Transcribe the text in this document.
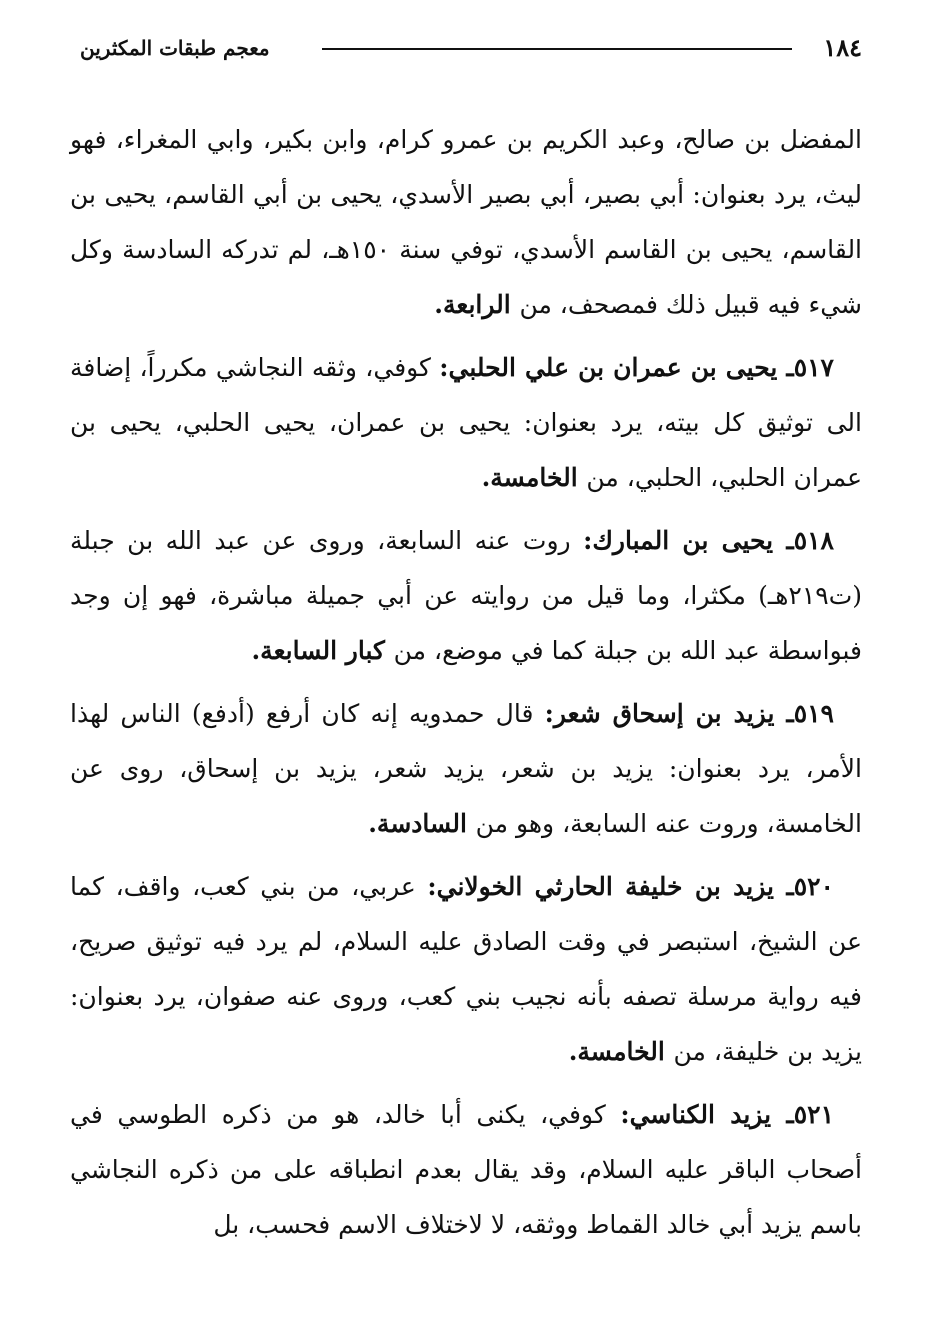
١٨٤
معجم طبقات المكثرين

المفضل بن صالح، وعبد الكريم بن عمرو كرام، وابن بكير، وابي المغراء، فهو ليث، يرد بعنوان: أبي بصير، أبي بصير الأسدي، يحيى بن أبي القاسم، يحيى بن القاسم، يحيى بن القاسم الأسدي، توفي سنة ١٥٠هـ، لم تدركه السادسة وكل شيء فيه قبيل ذلك فمصحف، من الرابعة.

٥١٧ـ يحيى بن عمران بن علي الحلبي: كوفي، وثقه النجاشي مكرراً، إضافة الى توثيق كل بيته، يرد بعنوان: يحيى بن عمران، يحيى الحلبي، يحيى بن عمران الحلبي، الحلبي، من الخامسة.

٥١٨ـ يحيى بن المبارك: روت عنه السابعة، وروى عن عبد الله بن جبلة (ت٢١٩هـ) مكثرا، وما قيل من روايته عن أبي جميلة مباشرة، فهو إن وجد فبواسطة عبد الله بن جبلة كما في موضع، من كبار السابعة.

٥١٩ـ يزيد بن إسحاق شعر: قال حمدويه إنه كان أرفع (أدفع) الناس لهذا الأمر، يرد بعنوان: يزيد بن شعر، يزيد شعر، يزيد بن إسحاق، روى عن الخامسة، وروت عنه السابعة، وهو من السادسة.

٥٢٠ـ يزيد بن خليفة الحارثي الخولاني: عربي، من بني كعب، واقف، كما عن الشيخ، استبصر في وقت الصادق عليه السلام، لم يرد فيه توثيق صريح، فيه رواية مرسلة تصفه بأنه نجيب بني كعب، وروى عنه صفوان، يرد بعنوان: يزيد بن خليفة، من الخامسة.

٥٢١ـ يزيد الكناسي: كوفي، يكنى أبا خالد، هو من ذكره الطوسي في أصحاب الباقر عليه السلام، وقد يقال بعدم انطباقه على من ذكره النجاشي باسم يزيد أبي خالد القماط ووثقه، لا لاختلاف الاسم فحسب، بل
